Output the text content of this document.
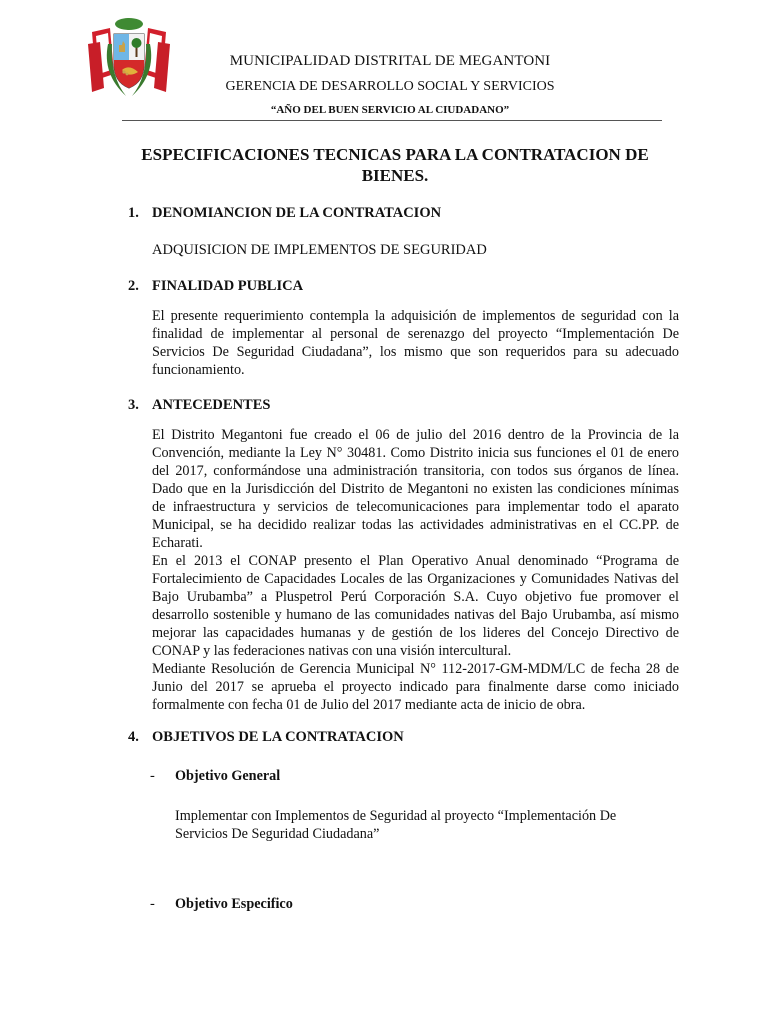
MUNICIPALIDAD DISTRITAL DE MEGANTONI
GERENCIA DE DESARROLLO SOCIAL Y SERVICIOS
“AÑO DEL BUEN SERVICIO AL CIUDADANO”
ESPECIFICACIONES TECNICAS PARA LA CONTRATACION DE
BIENES.
1. DENOMIANCION DE LA CONTRATACION
ADQUISICION DE IMPLEMENTOS DE SEGURIDAD
2. FINALIDAD PUBLICA
El presente requerimiento contempla la adquisición de implementos de seguridad con la finalidad de implementar al personal de serenazgo del proyecto “Implementación De Servicios De Seguridad Ciudadana”, los mismo que son requeridos para su adecuado funcionamiento.
3. ANTECEDENTES
El Distrito Megantoni fue creado el 06 de julio del 2016 dentro de la Provincia de la Convención, mediante la Ley N° 30481. Como Distrito inicia sus funciones el 01 de enero del 2017, conformándose una administración transitoria, con todos sus órganos de línea. Dado que en la Jurisdicción del Distrito de Megantoni no existen las condiciones mínimas de infraestructura y servicios de telecomunicaciones para implementar todo el aparato Municipal, se ha decidido realizar todas las actividades administrativas en el CC.PP. de Echarati.
En el 2013 el CONAP presento el Plan Operativo Anual denominado “Programa de Fortalecimiento de Capacidades Locales de las Organizaciones y Comunidades Nativas del Bajo Urubamba” a Pluspetrol Perú Corporación S.A. Cuyo objetivo fue promover el desarrollo sostenible y humano de las comunidades nativas del Bajo Urubamba, así mismo mejorar las capacidades humanas y de gestión de los lideres del Concejo Directivo de CONAP y las federaciones nativas con una visión intercultural.
Mediante Resolución de Gerencia Municipal N° 112-2017-GM-MDM/LC de fecha 28 de Junio del 2017 se aprueba el proyecto indicado para finalmente darse como iniciado formalmente con fecha 01 de Julio del 2017 mediante acta de inicio de obra.
4. OBJETIVOS DE LA CONTRATACION
- Objetivo General
Implementar con Implementos de Seguridad al proyecto “Implementación De Servicios De Seguridad Ciudadana”
- Objetivo Especifico
